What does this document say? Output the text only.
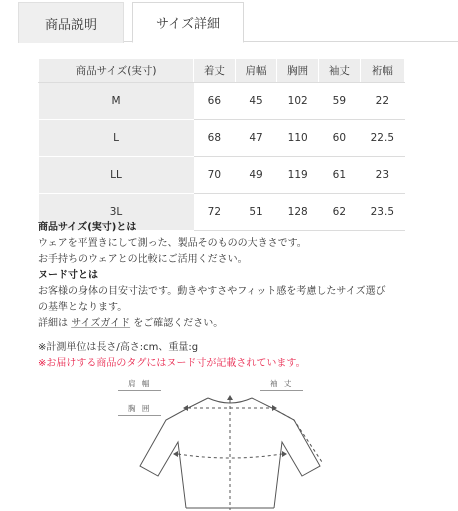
商品説明	サイズ詳細
商品サイズ(実寸)	着丈	肩幅	胸囲	袖丈	裄幅
M	66	45	102	59	22
L	68	47	110	60	22.5
LL	70	49	119	61	23
3L	72	51	128	62	23.5
商品サイズ(実寸)とは
ウェアを平置きにして測った、製品そのものの大きさです。
お手持ちのウェアとの比較にご活用ください。
ヌード寸とは
お客様の身体の目安寸法です。動きやすさやフィット感を考慮したサイズ選び
の基準となります。
詳細は サイズガイド をご確認ください。
※計測単位は長さ/高さ:cm、重量:g
※お届けする商品のタグにはヌード寸が記載されています。
肩 幅
胸 囲
袖 丈
